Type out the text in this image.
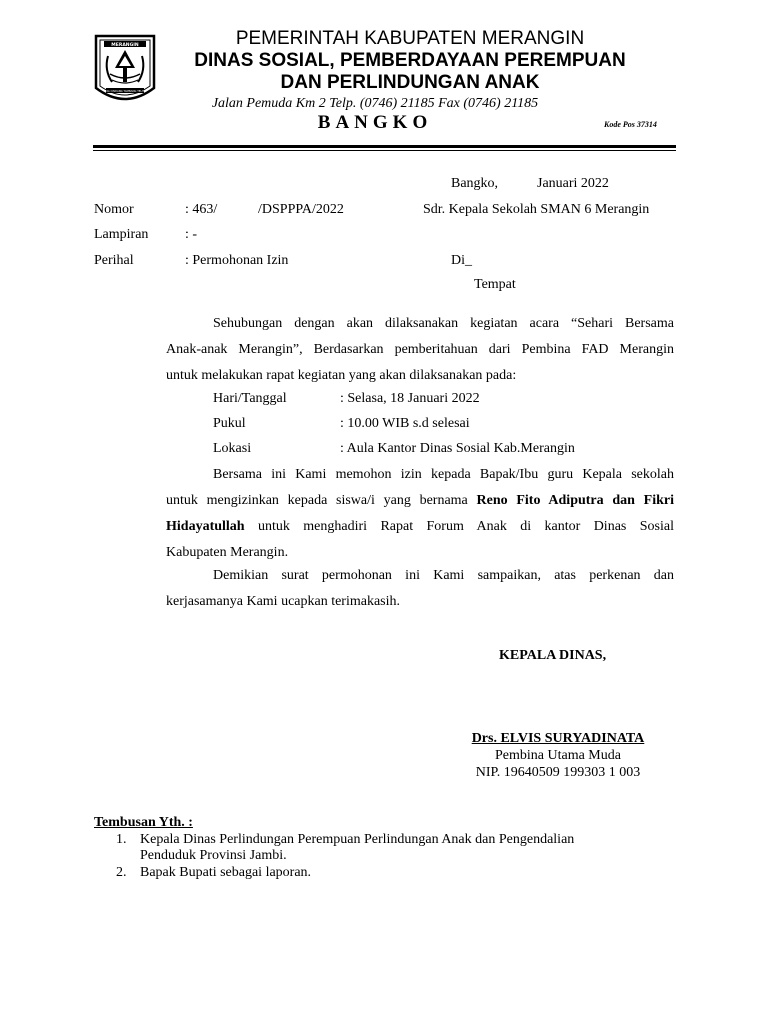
MERANGIN
TALI UNDANG TAMBANG TELITI
PEMERINTAH KABUPATEN MERANGIN
DINAS SOSIAL, PEMBERDAYAAN PEREMPUAN
DAN PERLINDUNGAN ANAK
Jalan Pemuda Km 2 Telp. (0746) 21185 Fax (0746) 21185
BANGKO	Kode Pos 37314
Bangko,	Januari 2022
Nomor	: 463/	/DSPPPA/2022
Lampiran	: -
Perihal	: Permohonan Izin
Sdr. Kepala Sekolah SMAN 6 Merangin
Di_
Tempat
Sehubungan dengan akan dilaksanakan kegiatan acara “Sehari Bersama
Anak-anak Merangin”, Berdasarkan pemberitahuan dari Pembina FAD Merangin
untuk melakukan rapat kegiatan yang akan dilaksanakan pada:
Hari/Tanggal	: Selasa, 18 Januari 2022
Pukul	: 10.00 WIB s.d selesai
Lokasi	: Aula Kantor Dinas Sosial Kab.Merangin
Bersama ini Kami memohon izin kepada Bapak/Ibu guru Kepala sekolah
untuk mengizinkan kepada siswa/i yang bernama Reno Fito Adiputra dan Fikri
Hidayatullah untuk menghadiri Rapat Forum Anak di kantor Dinas Sosial
Kabupaten Merangin.
Demikian surat permohonan ini Kami sampaikan, atas perkenan dan
kerjasamanya Kami ucapkan terimakasih.
KEPALA DINAS,
Drs. ELVIS SURYADINATA
Pembina Utama Muda
NIP. 19640509 199303 1 003
Tembusan Yth. :
1. Kepala Dinas Perlindungan Perempuan Perlindungan Anak dan Pengendalian
Penduduk Provinsi Jambi.
2. Bapak Bupati sebagai laporan.
